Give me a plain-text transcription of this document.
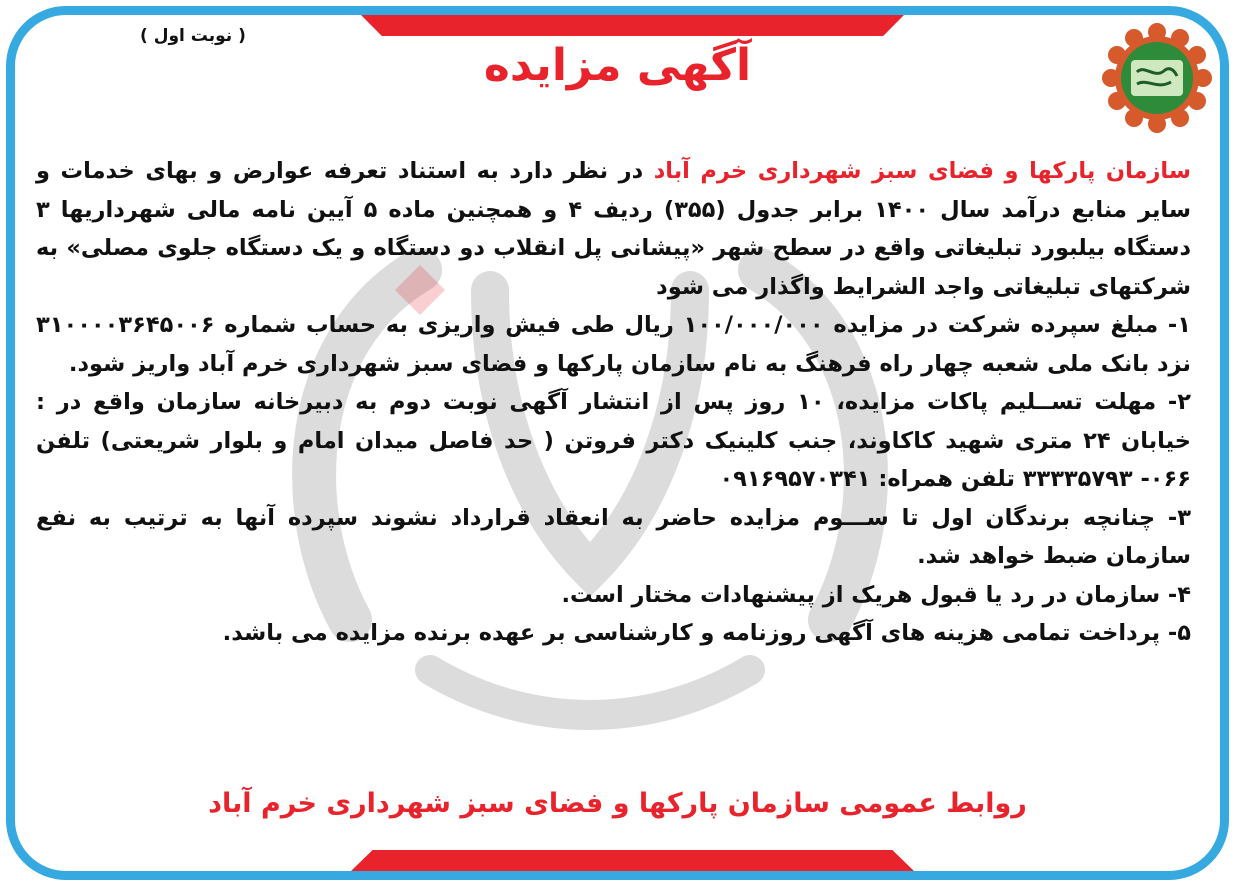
( نوبت اول )
آگهی مزایده

سازمان پارکها و فضای سبز شهرداری خرم آباد در نظر دارد به استناد تعرفه عوارض و بهای خدمات و سایر منابع درآمد سال ۱۴۰۰ برابر جدول (۳۵۵) ردیف ۴ و همچنین ماده ۵ آیین نامه مالی شهرداریها ۳ دستگاه بیلبورد تبلیغاتی واقع در سطح شهر «پیشانی پل انقلاب دو دستگاه و یک دستگاه جلوی مصلی» به شرکتهای تبلیغاتی واجد الشرایط واگذار می شود

۱- مبلغ سپرده شرکت در مزایده ۱۰۰/۰۰۰/۰۰۰ ریال طی فیش واریزی به حساب شماره ۳۱۰۰۰۰۳۶۴۵۰۰۶ نزد بانک ملی شعبه چهار راه فرهنگ به نام سازمان پارکها و فضای سبز شهرداری خرم آباد واریز شود.

۲- مهلت تســلیم پاکات مزایده، ۱۰ روز پس از انتشار آگهی نوبت دوم به دبیرخانه سازمان واقع در : خیابان ۲۴ متری شهید کاکاوند، جنب کلینیک دکتر فروتن ( حد فاصل میدان امام و بلوار شریعتی) تلفن ۰۶۶- ۳۳۳۳۵۷۹۳ تلفن همراه: ۰۹۱۶۹۵۷۰۳۴۱

۳- چنانچه برندگان اول تا ســـوم مزایده حاضر به انعقاد قرارداد نشوند سپرده آنها به ترتیب به نفع سازمان ضبط خواهد شد.

۴- سازمان در رد یا قبول هریک از پیشنهادات مختار است.

۵- پرداخت تمامی هزینه های آگهی روزنامه و کارشناسی بر عهده برنده مزایده می باشد.

روابط عمومی سازمان پارکها و فضای سبز شهرداری خرم آباد
